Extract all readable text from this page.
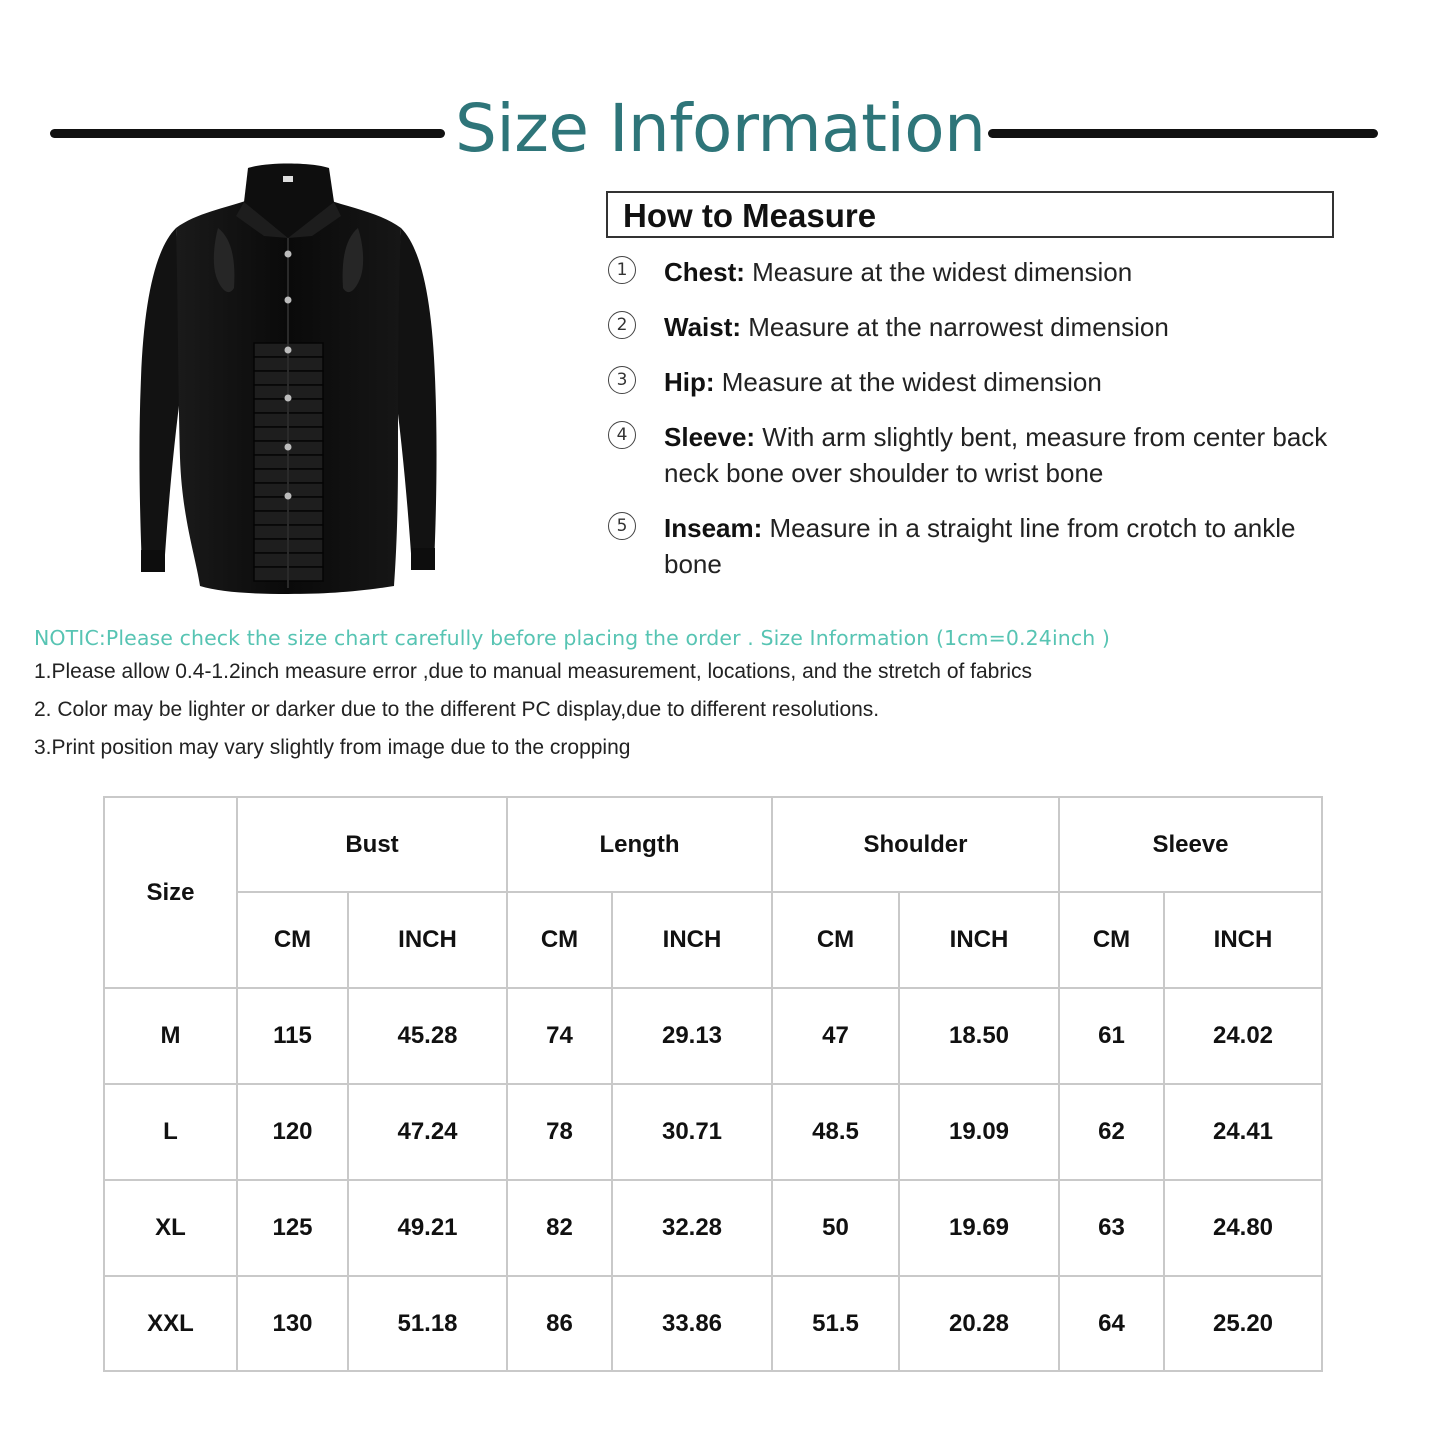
Size Information
How to Measure
1	Chest: Measure at the widest dimension
2	Waist: Measure at the narrowest dimension
3	Hip: Measure at the widest dimension
4	Sleeve: With arm slightly bent, measure from center back neck bone over shoulder to wrist bone
5	Inseam: Measure in a straight line from crotch to ankle bone
NOTIC:Please check the size chart carefully before placing the order . Size Information (1cm=0.24inch )
1.Please allow 0.4-1.2inch measure error ,due to manual measurement, locations, and the stretch of fabrics
2. Color may be lighter or darker due to the different PC display,due to different resolutions.
3.Print position may vary slightly from image due to the cropping
Size	Bust		Length		Shoulder		Sleeve	
	CM	INCH	CM	INCH	CM	INCH	CM	INCH
M	115	45.28	74	29.13	47	18.50	61	24.02
L	120	47.24	78	30.71	48.5	19.09	62	24.41
XL	125	49.21	82	32.28	50	19.69	63	24.80
XXL	130	51.18	86	33.86	51.5	20.28	64	25.20
